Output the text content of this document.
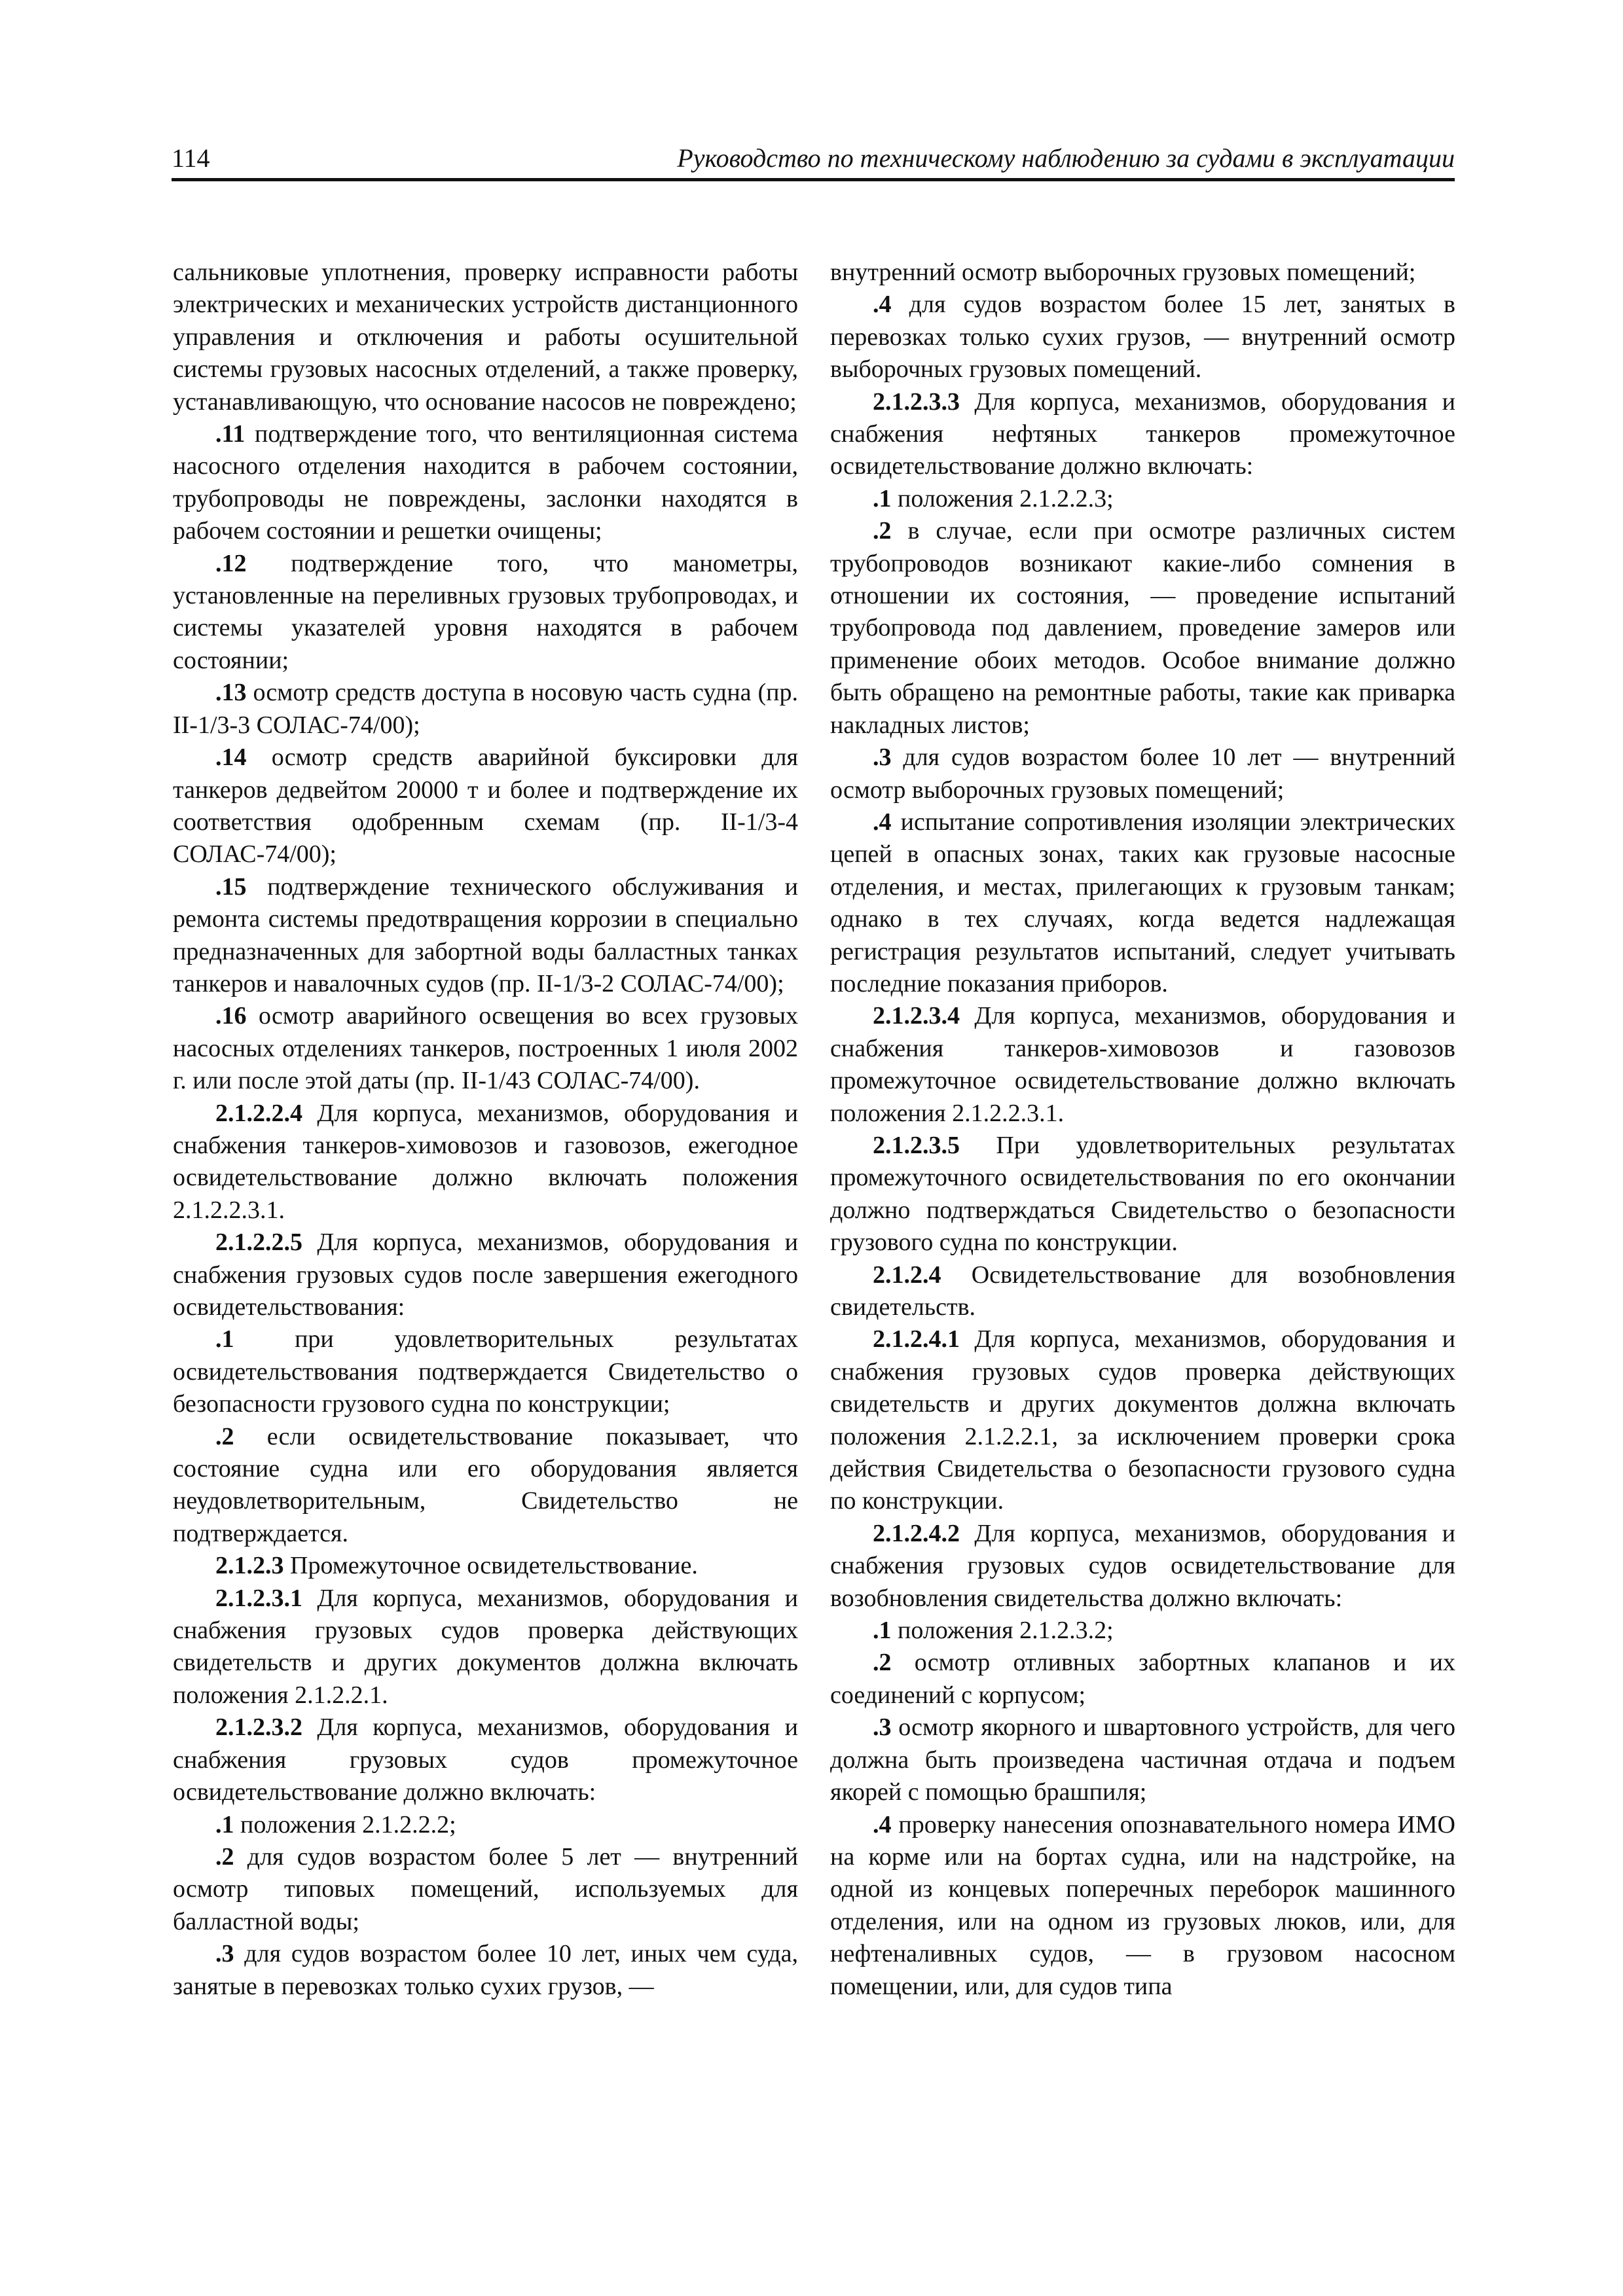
114	Руководство по техническому наблюдению за судами в эксплуатации

сальниковые уплотнения, проверку исправности работы электрических и механических устройств дистанционного управления и отключения и работы осушительной системы грузовых насосных отделений, а также проверку, устанавливающую, что основание насосов не повреждено;

.11 подтверждение того, что вентиляционная система насосного отделения находится в рабочем состоянии, трубопроводы не повреждены, заслонки находятся в рабочем состоянии и решетки очищены;

.12 подтверждение того, что манометры, установленные на переливных грузовых трубопроводах, и системы указателей уровня находятся в рабочем состоянии;

.13 осмотр средств доступа в носовую часть судна (пр. II-1/3-3 СОЛАС-74/00);

.14 осмотр средств аварийной буксировки для танкеров дедвейтом 20000 т и более и подтверждение их соответствия одобренным схемам (пр. II-1/3-4 СОЛАС-74/00);

.15 подтверждение технического обслуживания и ремонта системы предотвращения коррозии в специально предназначенных для забортной воды балластных танках танкеров и навалочных судов (пр. II-1/3-2 СОЛАС-74/00);

.16 осмотр аварийного освещения во всех грузовых насосных отделениях танкеров, построенных 1 июля 2002 г. или после этой даты (пр. II-1/43 СОЛАС-74/00).

2.1.2.2.4 Для корпуса, механизмов, оборудования и снабжения танкеров-химовозов и газовозов, ежегодное освидетельствование должно включать положения 2.1.2.2.3.1.

2.1.2.2.5 Для корпуса, механизмов, оборудования и снабжения грузовых судов после завершения ежегодного освидетельствования:

.1 при удовлетворительных результатах освидетельствования подтверждается Свидетельство о безопасности грузового судна по конструкции;

.2 если освидетельствование показывает, что состояние судна или его оборудования является неудовлетворительным, Свидетельство не подтверждается.

2.1.2.3 Промежуточное освидетельствование.

2.1.2.3.1 Для корпуса, механизмов, оборудования и снабжения грузовых судов проверка действующих свидетельств и других документов должна включать положения 2.1.2.2.1.

2.1.2.3.2 Для корпуса, механизмов, оборудования и снабжения грузовых судов промежуточное освидетельствование должно включать:

.1 положения 2.1.2.2.2;

.2 для судов возрастом более 5 лет — внутренний осмотр типовых помещений, используемых для балластной воды;

.3 для судов возрастом более 10 лет, иных чем суда, занятые в перевозках только сухих грузов, —

внутренний осмотр выборочных грузовых помещений;

.4 для судов возрастом более 15 лет, занятых в перевозках только сухих грузов, — внутренний осмотр выборочных грузовых помещений.

2.1.2.3.3 Для корпуса, механизмов, оборудования и снабжения нефтяных танкеров промежуточное освидетельствование должно включать:

.1 положения 2.1.2.2.3;

.2 в случае, если при осмотре различных систем трубопроводов возникают какие-либо сомнения в отношении их состояния, — проведение испытаний трубопровода под давлением, проведение замеров или применение обоих методов. Особое внимание должно быть обращено на ремонтные работы, такие как приварка накладных листов;

.3 для судов возрастом более 10 лет — внутренний осмотр выборочных грузовых помещений;

.4 испытание сопротивления изоляции электрических цепей в опасных зонах, таких как грузовые насосные отделения, и местах, прилегающих к грузовым танкам; однако в тех случаях, когда ведется надлежащая регистрация результатов испытаний, следует учитывать последние показания приборов.

2.1.2.3.4 Для корпуса, механизмов, оборудования и снабжения танкеров-химовозов и газовозов промежуточное освидетельствование должно включать положения 2.1.2.2.3.1.

2.1.2.3.5 При удовлетворительных результатах промежуточного освидетельствования по его окончании должно подтверждаться Свидетельство о безопасности грузового судна по конструкции.

2.1.2.4 Освидетельствование для возобновления свидетельств.

2.1.2.4.1 Для корпуса, механизмов, оборудования и снабжения грузовых судов проверка действующих свидетельств и других документов должна включать положения 2.1.2.2.1, за исключением проверки срока действия Свидетельства о безопасности грузового судна по конструкции.

2.1.2.4.2 Для корпуса, механизмов, оборудования и снабжения грузовых судов освидетельствование для возобновления свидетельства должно включать:

.1 положения 2.1.2.3.2;

.2 осмотр отливных забортных клапанов и их соединений с корпусом;

.3 осмотр якорного и швартовного устройств, для чего должна быть произведена частичная отдача и подъем якорей с помощью брашпиля;

.4 проверку нанесения опознавательного номера ИМО на корме или на бортах судна, или на надстройке, на одной из концевых поперечных переборок машинного отделения, или на одном из грузовых люков, или, для нефтеналивных судов, — в грузовом насосном помещении, или, для судов типа
